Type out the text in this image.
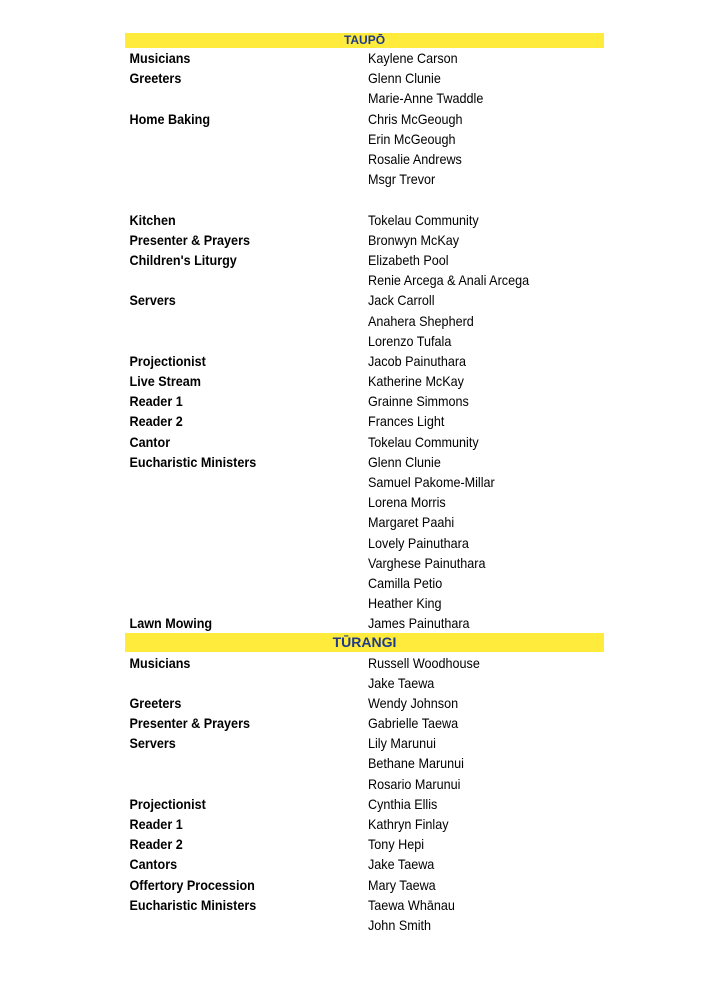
TAUPŌ
Musicians	Kaylene Carson
Greeters	Glenn Clunie
Marie-Anne Twaddle
Home Baking	Chris McGeough
Erin McGeough
Rosalie Andrews
Msgr Trevor
Kitchen	Tokelau Community
Presenter & Prayers	Bronwyn McKay
Children's Liturgy	Elizabeth Pool
Renie Arcega & Anali Arcega
Servers	Jack Carroll
Anahera Shepherd
Lorenzo Tufala
Projectionist	Jacob Painuthara
Live Stream	Katherine McKay
Reader 1	Grainne Simmons
Reader 2	Frances Light
Cantor	Tokelau Community
Eucharistic Ministers	Glenn Clunie
Samuel Pakome-Millar
Lorena Morris
Margaret Paahi
Lovely Painuthara
Varghese Painuthara
Camilla Petio
Heather King
Lawn Mowing	James Painuthara
TŪRANGI
Musicians	Russell Woodhouse
Jake Taewa
Greeters	Wendy Johnson
Presenter & Prayers	Gabrielle Taewa
Servers	Lily Marunui
Bethane Marunui
Rosario Marunui
Projectionist	Cynthia Ellis
Reader 1	Kathryn Finlay
Reader 2	Tony Hepi
Cantors	Jake Taewa
Offertory Procession	Mary Taewa
Eucharistic Ministers	Taewa Whānau
John Smith
